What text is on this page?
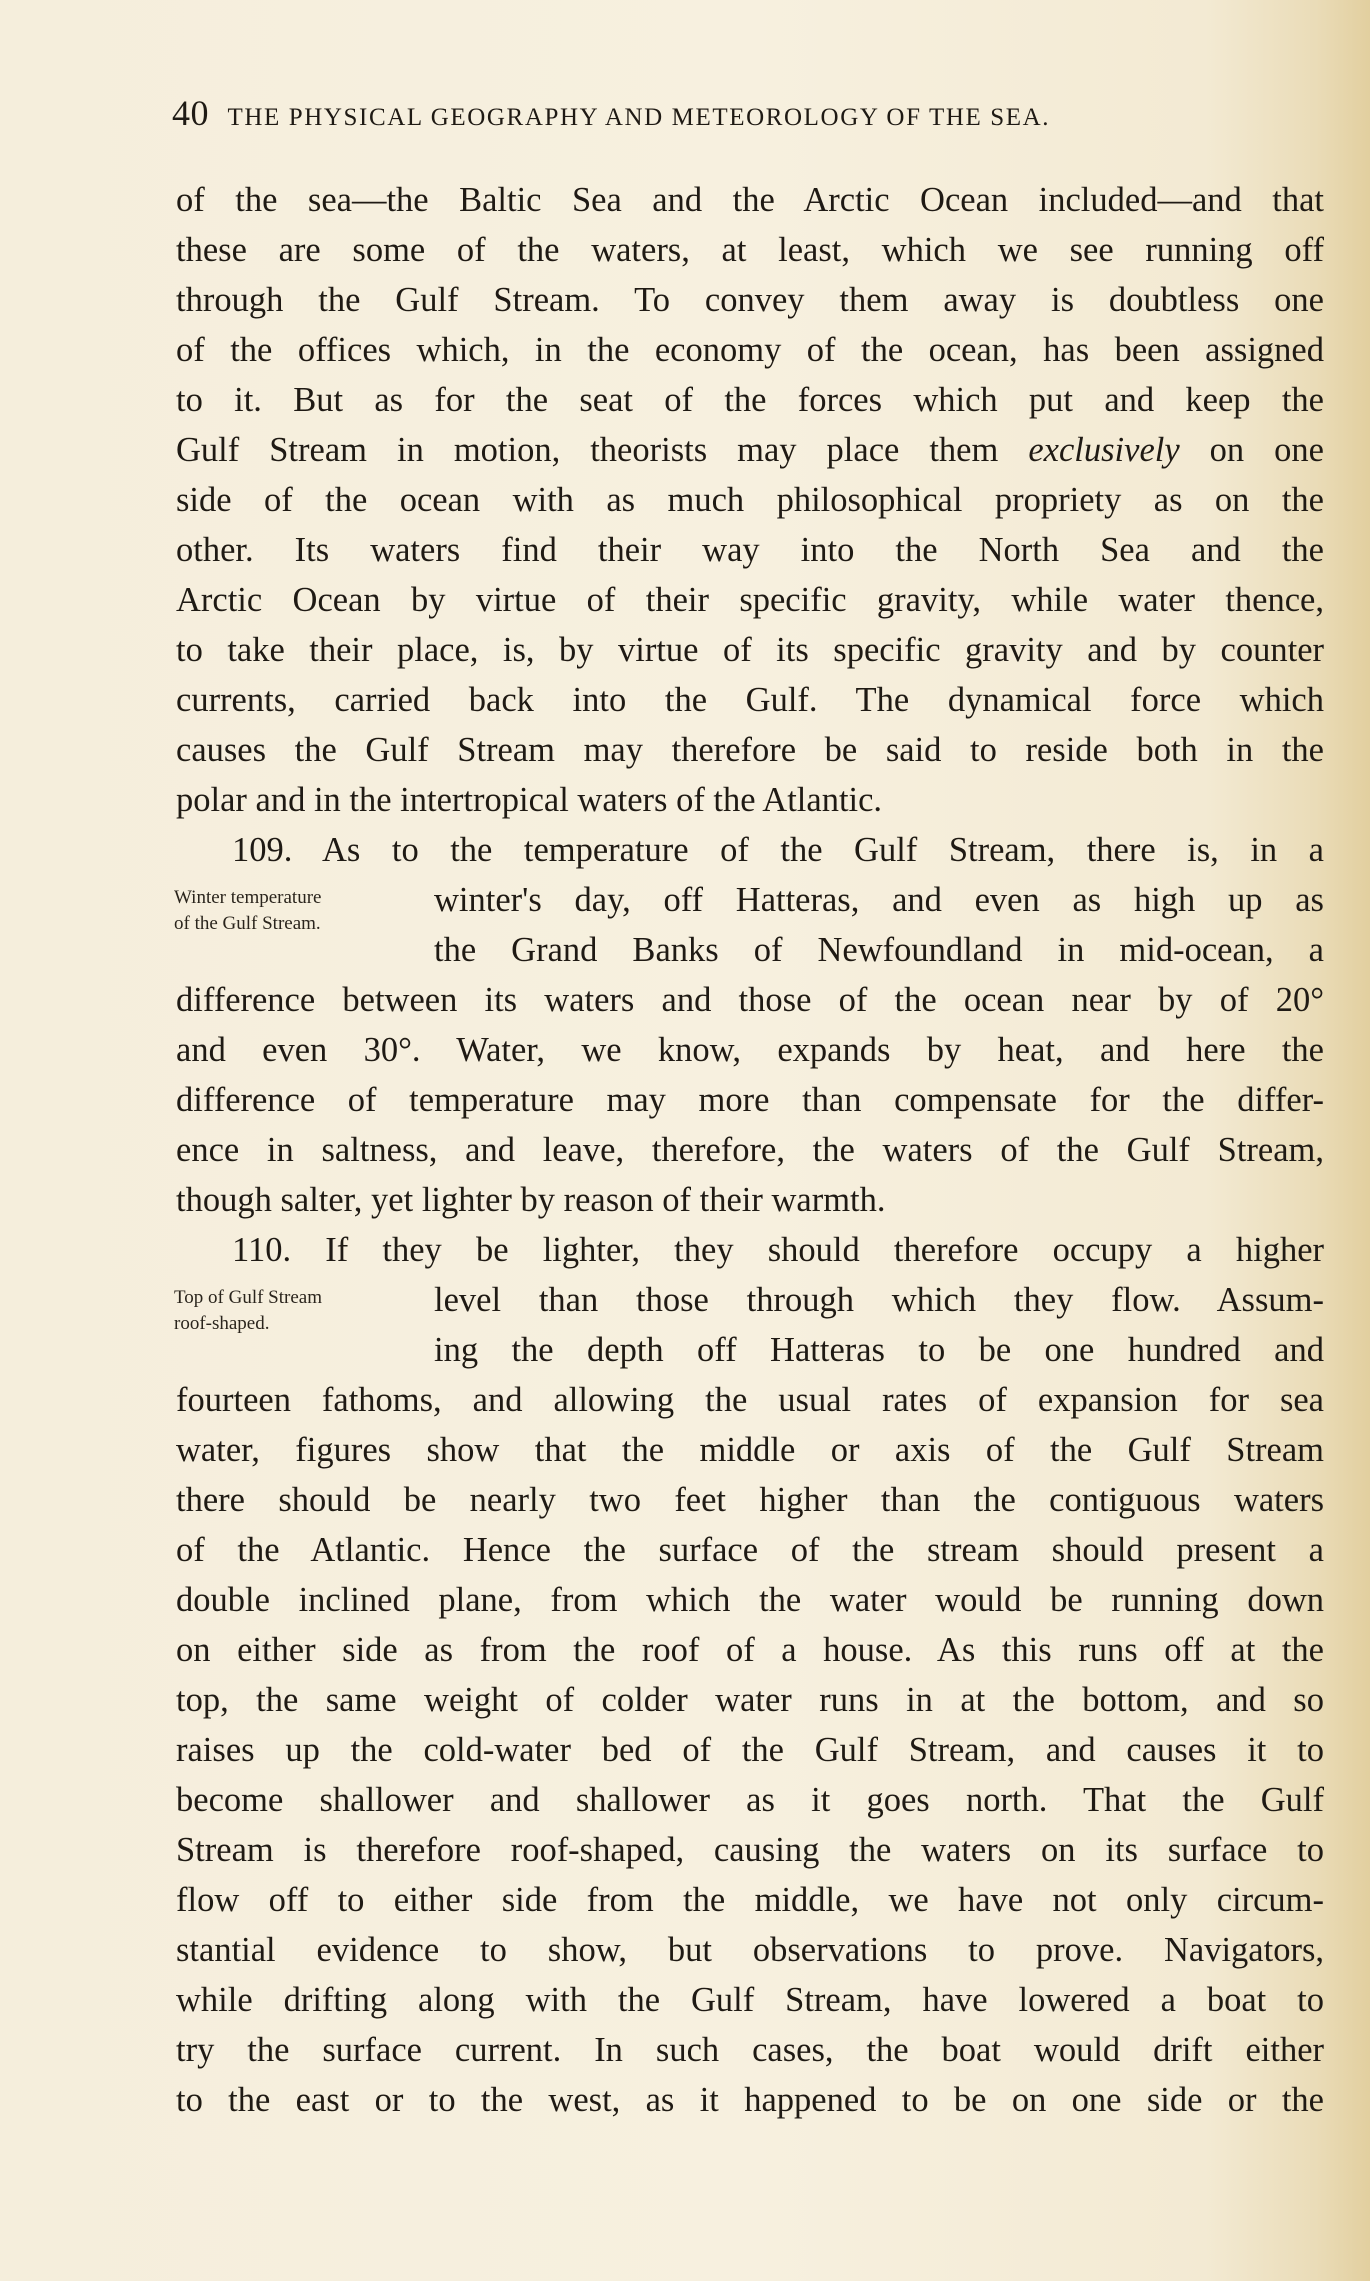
40 THE PHYSICAL GEOGRAPHY AND METEOROLOGY OF THE SEA.
of the sea—the Baltic Sea and the Arctic Ocean included—and that
these are some of the waters, at least, which we see running off
through the Gulf Stream. To convey them away is doubtless one
of the offices which, in the economy of the ocean, has been assigned
to it. But as for the seat of the forces which put and keep the
Gulf Stream in motion, theorists may place them exclusively on one
side of the ocean with as much philosophical propriety as on the
other. Its waters find their way into the North Sea and the
Arctic Ocean by virtue of their specific gravity, while water thence,
to take their place, is, by virtue of its specific gravity and by counter
currents, carried back into the Gulf. The dynamical force which
causes the Gulf Stream may therefore be said to reside both in the
polar and in the intertropical waters of the Atlantic.
109. As to the temperature of the Gulf Stream, there is, in a
Winter temperature
of the Gulf Stream.
winter's day, off Hatteras, and even as high up as
the Grand Banks of Newfoundland in mid-ocean, a
difference between its waters and those of the ocean near by of 20°
and even 30°. Water, we know, expands by heat, and here the
difference of temperature may more than compensate for the differ-
ence in saltness, and leave, therefore, the waters of the Gulf Stream,
though salter, yet lighter by reason of their warmth.
110. If they be lighter, they should therefore occupy a higher
Top of Gulf Stream
roof-shaped.
level than those through which they flow. Assum-
ing the depth off Hatteras to be one hundred and
fourteen fathoms, and allowing the usual rates of expansion for sea
water, figures show that the middle or axis of the Gulf Stream
there should be nearly two feet higher than the contiguous waters
of the Atlantic. Hence the surface of the stream should present a
double inclined plane, from which the water would be running down
on either side as from the roof of a house. As this runs off at the
top, the same weight of colder water runs in at the bottom, and so
raises up the cold-water bed of the Gulf Stream, and causes it to
become shallower and shallower as it goes north. That the Gulf
Stream is therefore roof-shaped, causing the waters on its surface to
flow off to either side from the middle, we have not only circum-
stantial evidence to show, but observations to prove. Navigators,
while drifting along with the Gulf Stream, have lowered a boat to
try the surface current. In such cases, the boat would drift either
to the east or to the west, as it happened to be on one side or the
